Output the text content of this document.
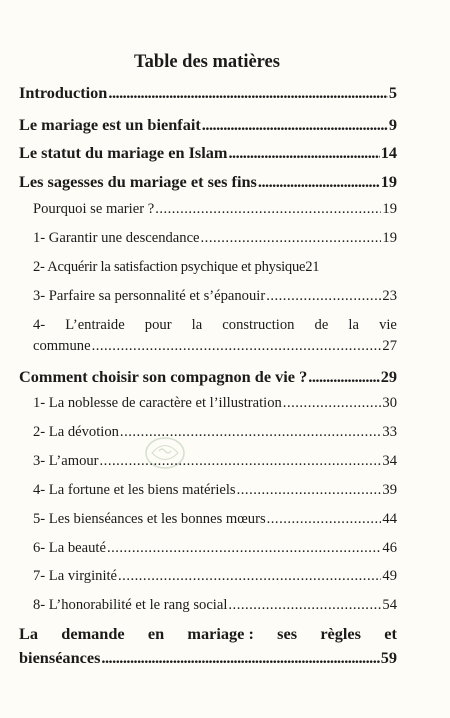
Table des matières
Introduction .....	5
Le mariage est un bienfait .....	9
Le statut du mariage en Islam .....	14
Les sagesses du mariage et ses fins .....	19
Pourquoi se marier ? .....	19
1- Garantir une descendance .....	19
2- Acquérir la satisfaction psychique et physique 21
3- Parfaire sa personnalité et s’épanouir .....	23
4- L’entraide pour la construction de la vie
commune .....	27
Comment choisir son compagnon de vie ? .....	29
1- La noblesse de caractère et l’illustration .....	30
2- La dévotion .....	33
3- L’amour .....	34
4- La fortune et les biens matériels .....	39
5- Les bienséances et les bonnes mœurs .....	44
6- La beauté .....	46
7- La virginité .....	49
8- L’honorabilité et le rang social .....	54
La demande en mariage : ses règles et
bienséances .....	59
